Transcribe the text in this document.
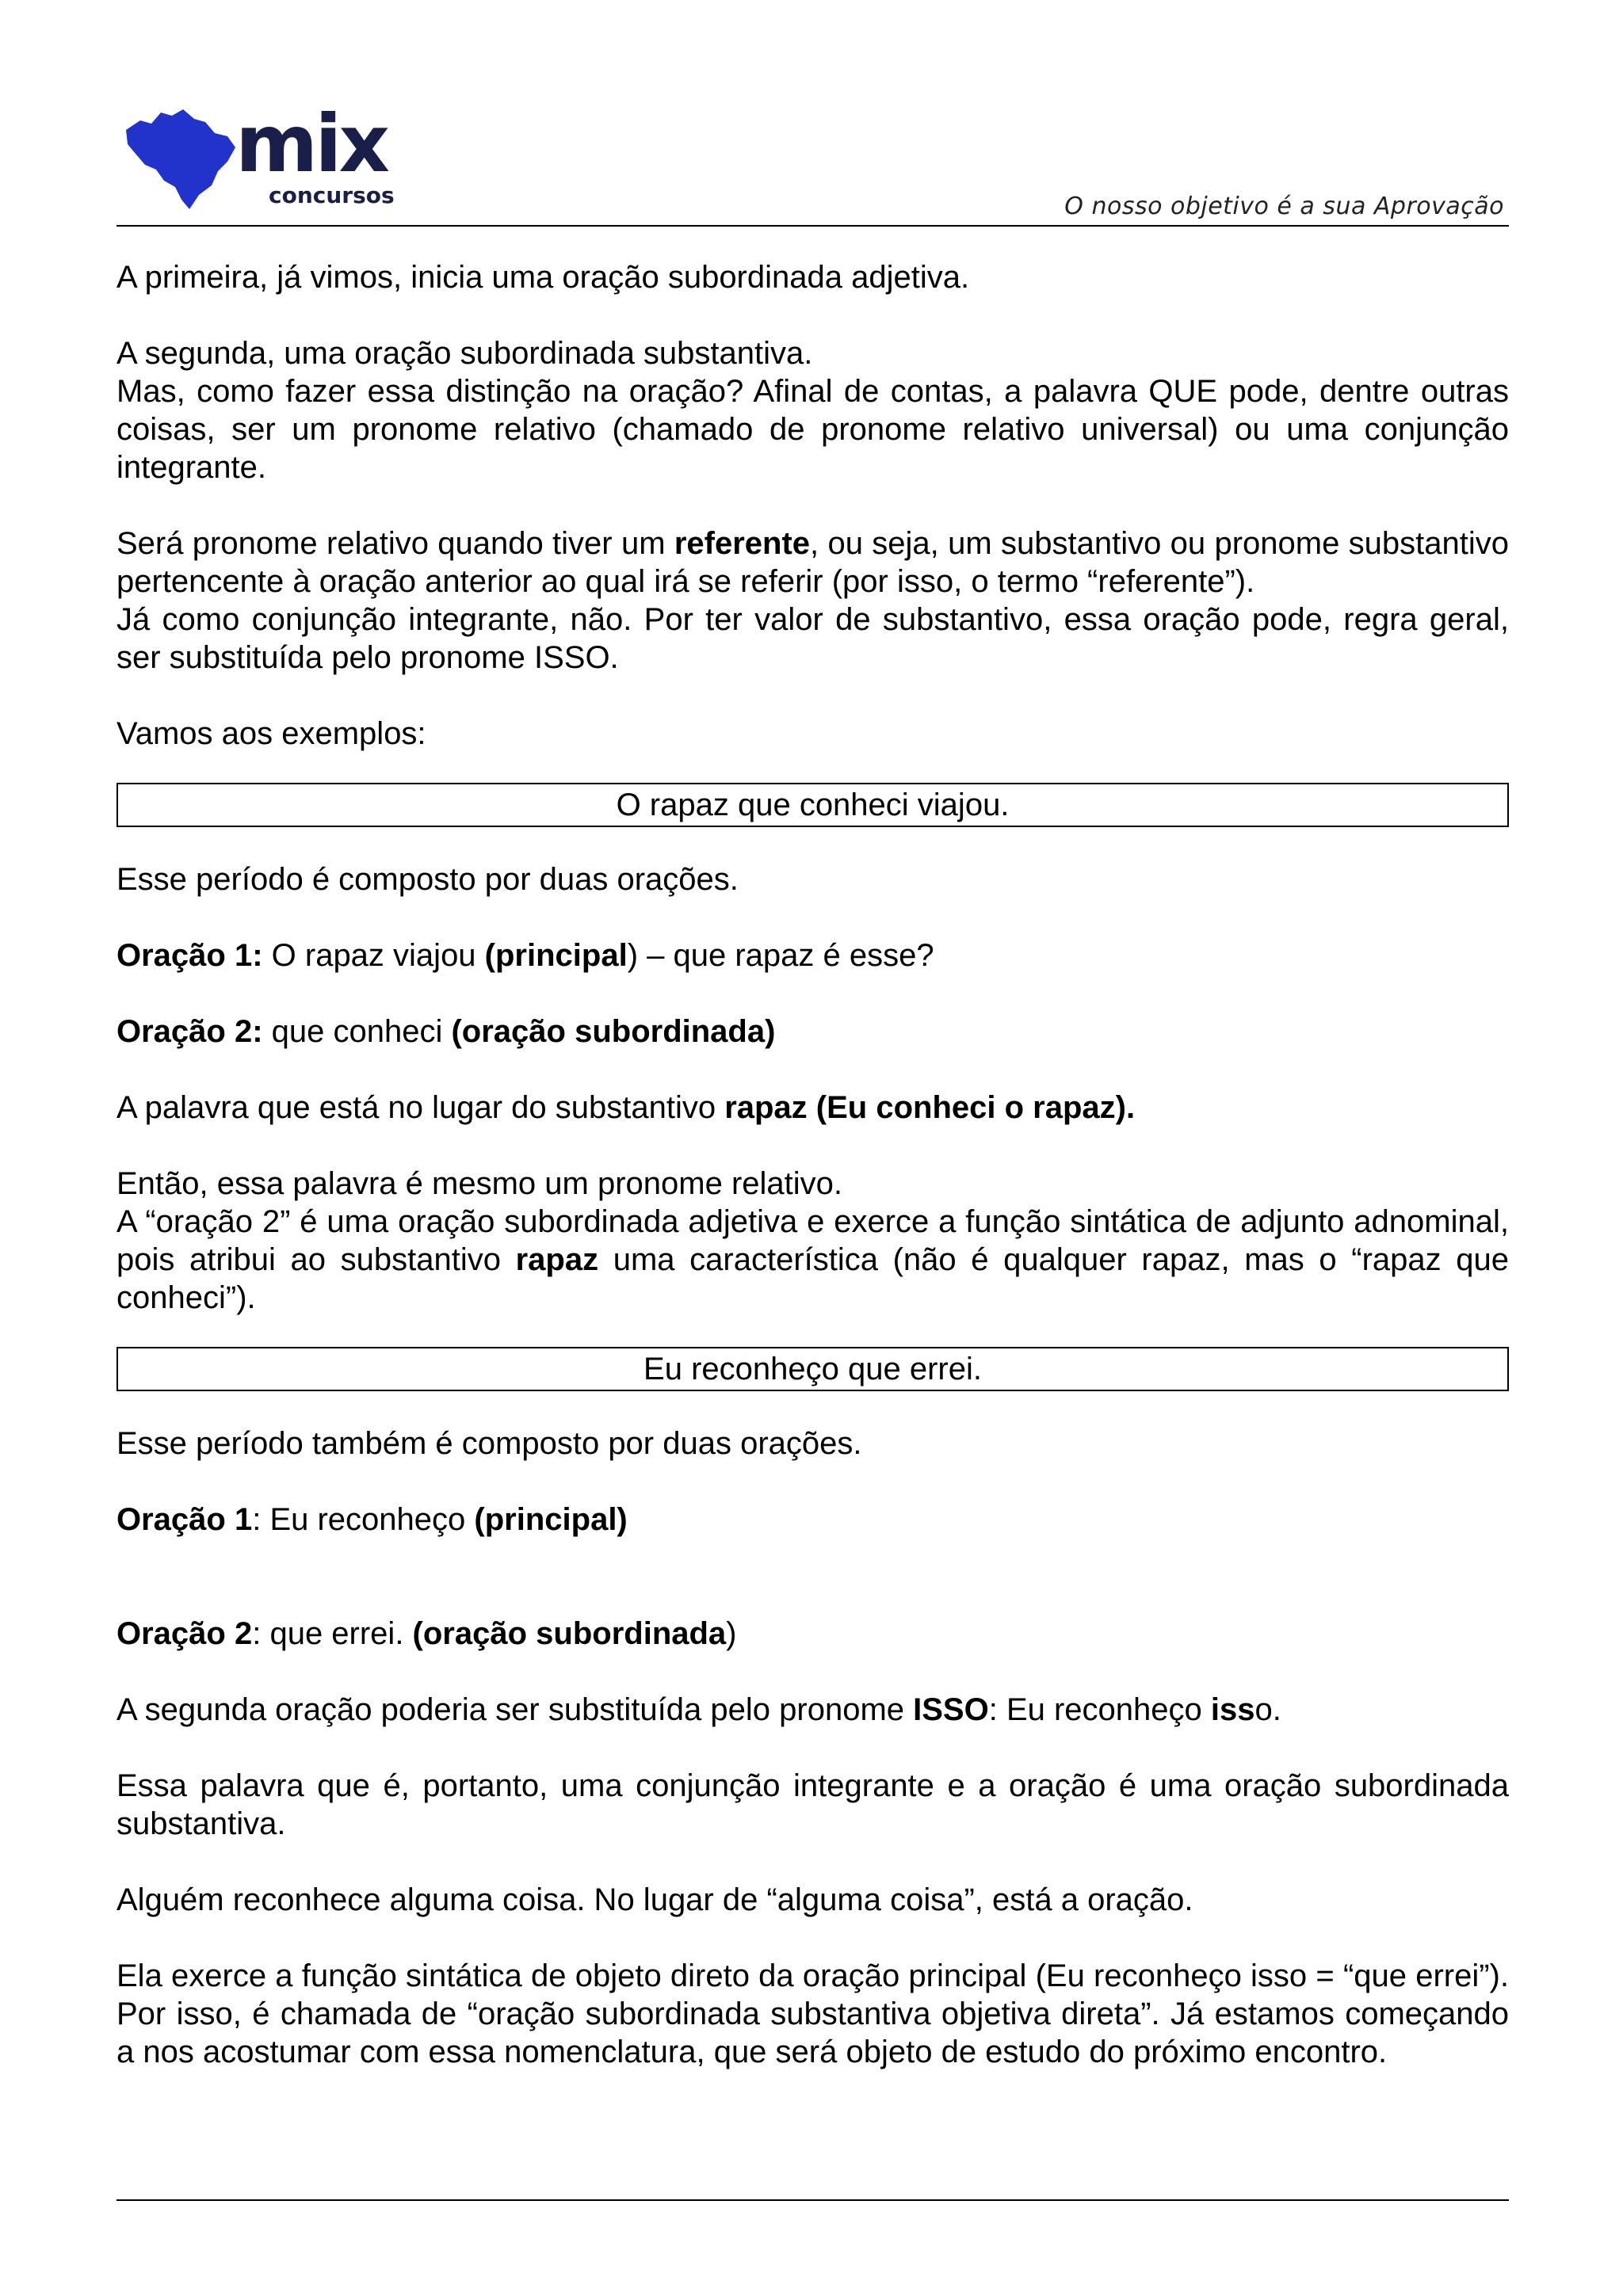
mix
concursos	O nosso objetivo é a sua Aprovação

A primeira, já vimos, inicia uma oração subordinada adjetiva.

A segunda, uma oração subordinada substantiva.

Mas, como fazer essa distinção na oração? Afinal de contas, a palavra QUE pode, dentre outras coisas, ser um pronome relativo (chamado de pronome relativo universal) ou uma conjunção integrante.

Será pronome relativo quando tiver um referente, ou seja, um substantivo ou pronome substantivo pertencente à oração anterior ao qual irá se referir (por isso, o termo “referente”).

Já como conjunção integrante, não. Por ter valor de substantivo, essa oração pode, regra geral, ser substituída pelo pronome ISSO.

Vamos aos exemplos:

O rapaz que conheci viajou.

Esse período é composto por duas orações.

Oração 1: O rapaz viajou (principal) – que rapaz é esse?

Oração 2: que conheci (oração subordinada)

A palavra que está no lugar do substantivo rapaz (Eu conheci o rapaz).

Então, essa palavra é mesmo um pronome relativo.

A “oração 2” é uma oração subordinada adjetiva e exerce a função sintática de adjunto adnominal, pois atribui ao substantivo rapaz uma característica (não é qualquer rapaz, mas o “rapaz que conheci”).

Eu reconheço que errei.

Esse período também é composto por duas orações.

Oração 1: Eu reconheço (principal)

Oração 2: que errei. (oração subordinada)

A segunda oração poderia ser substituída pelo pronome ISSO: Eu reconheço isso.

Essa palavra que é, portanto, uma conjunção integrante e a oração é uma oração subordinada substantiva.

Alguém reconhece alguma coisa. No lugar de “alguma coisa”, está a oração.

Ela exerce a função sintática de objeto direto da oração principal (Eu reconheço isso = “que errei”). Por isso, é chamada de “oração subordinada substantiva objetiva direta”. Já estamos começando a nos acostumar com essa nomenclatura, que será objeto de estudo do próximo encontro.
